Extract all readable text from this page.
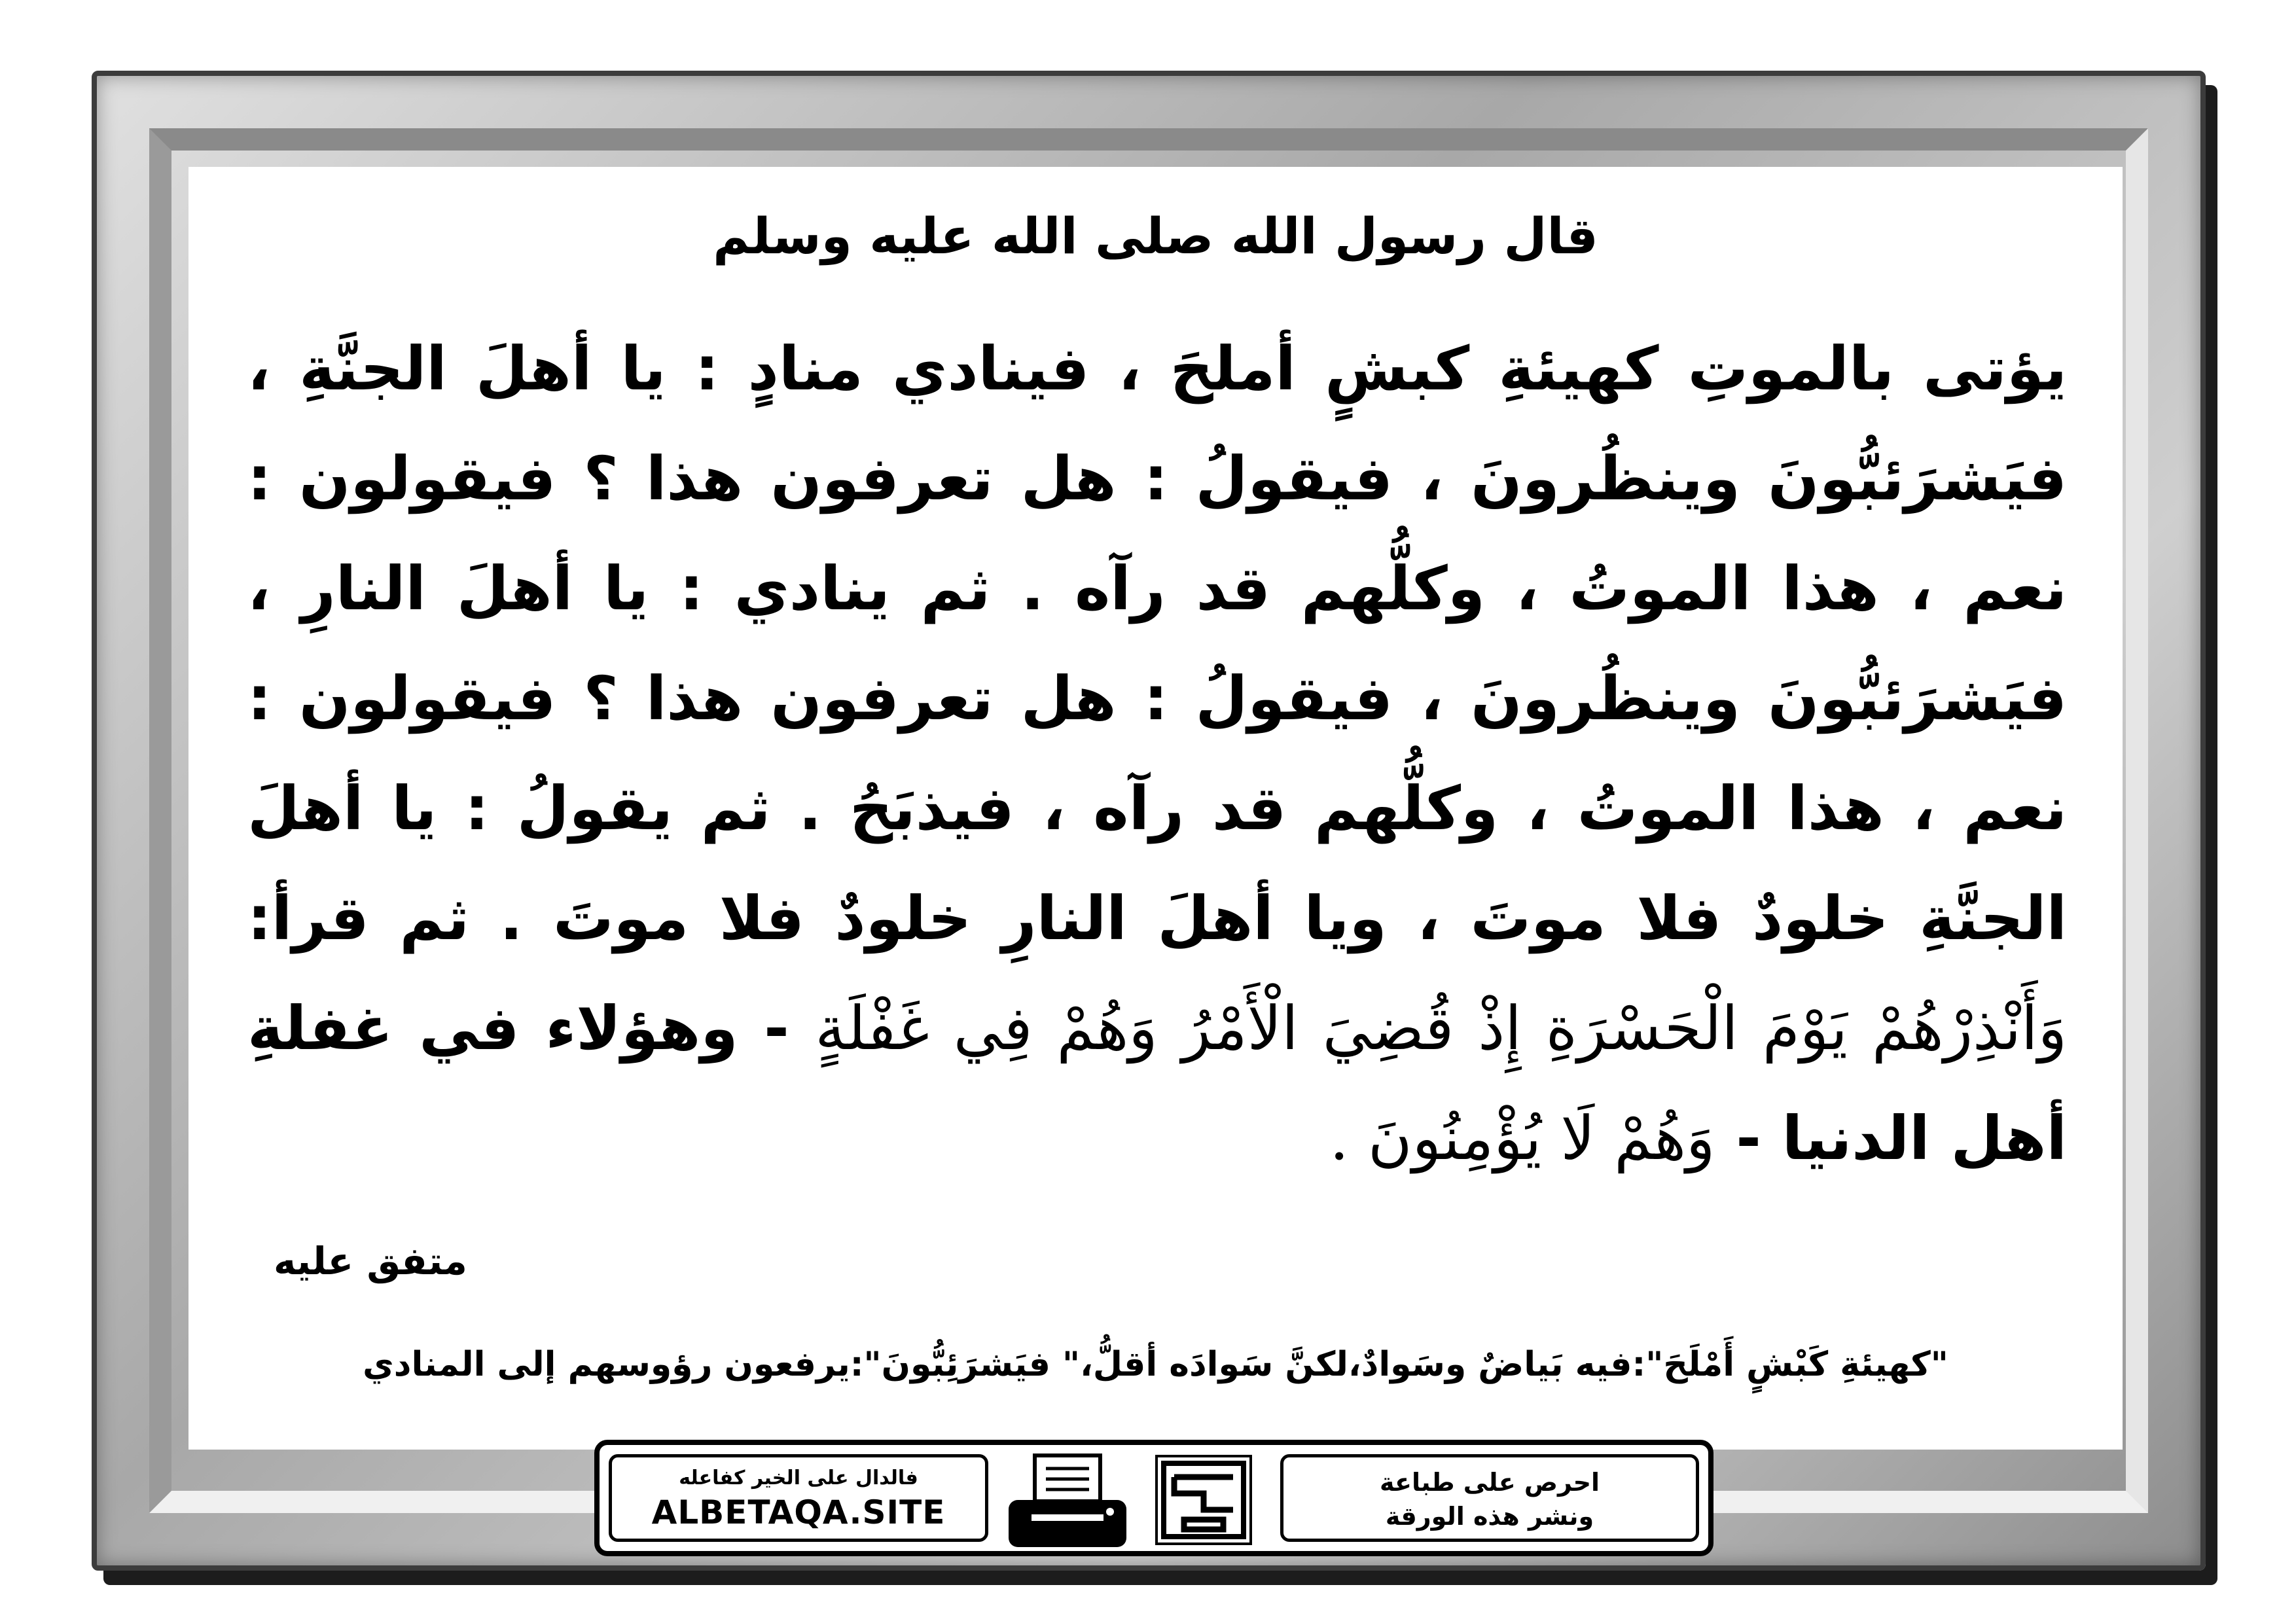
قال رسول الله صلى الله عليه وسلم
يؤتى بالموتِ كهيئةِ كبشٍ أملحَ ، فينادي منادٍ : يا أهلَ الجنَّةِ ، فيَشرَئبُّونَ وينظُرونَ ، فيقولُ : هل تعرفون هذا ؟ فيقولون : نعم ، هذا الموتُ ، وكلُّهم قد رآه . ثم ينادي : يا أهلَ النارِ ، فيَشرَئبُّونَ وينظُرونَ ، فيقولُ : هل تعرفون هذا ؟ فيقولون : نعم ، هذا الموتُ ، وكلُّهم قد رآه ، فيذبَحُ . ثم يقولُ : يا أهلَ الجنَّةِ خلودٌ فلا موتَ ، ويا أهلَ النارِ خلودٌ فلا موتَ . ثم قرأ: وَأَنْذِرْهُمْ يَوْمَ الْحَسْرَةِ إِذْ قُضِيَ الْأَمْرُ وَهُمْ فِي غَفْلَةٍ - وهؤلاء في غفلةِ أهل الدنيا - وَهُمْ لَا يُؤْمِنُونَ .
متفق عليه
"كهيئةِ كَبْشٍ أَمْلَحَ":فيه بَياضٌ وسَوادٌ،لكنَّ سَوادَه أقلُّ،" فيَشرَئِبُّونَ":يرفعون رؤوسهم إلى المنادي
فالدال على الخير كفاعله
ALBETAQA.SITE
احرص على طباعة
ونشر هذه الورقة
